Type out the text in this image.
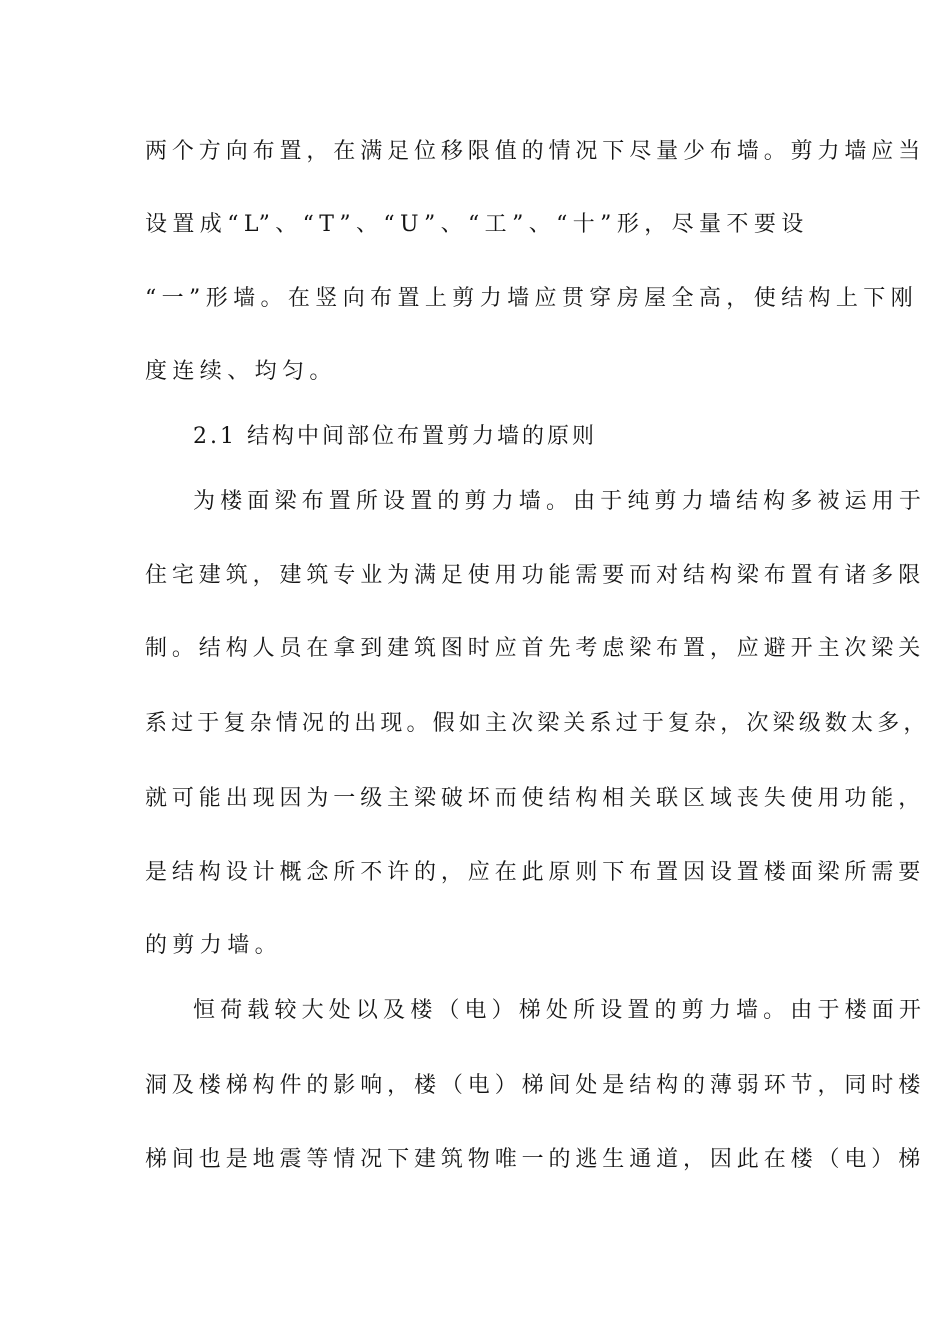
两个方向布置，在满足位移限值的情况下尽量少布墙。剪力墙应当
设置成“L”、“T”、“U”、“工”、“十”形，尽量不要设
“一”形墙。在竖向布置上剪力墙应贯穿房屋全高，使结构上下刚
度连续、均匀。
2.1 结构中间部位布置剪力墙的原则
为楼面梁布置所设置的剪力墙。由于纯剪力墙结构多被运用于
住宅建筑，建筑专业为满足使用功能需要而对结构梁布置有诸多限
制。结构人员在拿到建筑图时应首先考虑梁布置，应避开主次梁关
系过于复杂情况的出现。假如主次梁关系过于复杂，次梁级数太多，
就可能出现因为一级主梁破坏而使结构相关联区域丧失使用功能，
是结构设计概念所不许的，应在此原则下布置因设置楼面梁所需要
的剪力墙。
恒荷载较大处以及楼（电）梯处所设置的剪力墙。由于楼面开
洞及楼梯构件的影响，楼（电）梯间处是结构的薄弱环节，同时楼
梯间也是地震等情况下建筑物唯一的逃生通道，因此在楼（电）梯
